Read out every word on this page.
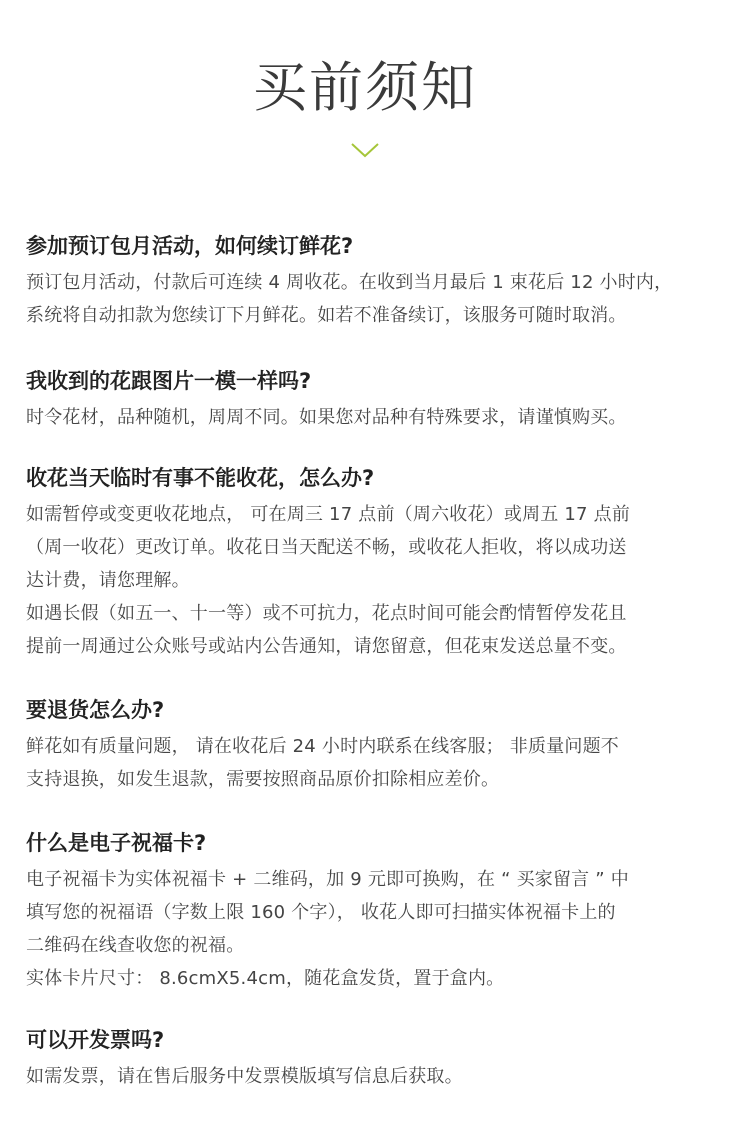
买前须知

参加预订包月活动，如何续订鲜花?

预订包月活动，付款后可连续 4 周收花。在收到当月最后 1 束花后 12 小时内，

系统将自动扣款为您续订下月鲜花。如若不准备续订，该服务可随时取消。

我收到的花跟图片一模一样吗?

时令花材，品种随机，周周不同。如果您对品种有特殊要求，请谨慎购买。

收花当天临时有事不能收花，怎么办?

如需暂停或变更收花地点， 可在周三 17 点前（周六收花）或周五 17 点前

（周一收花）更改订单。收花日当天配送不畅，或收花人拒收，将以成功送

达计费，请您理解。

如遇长假（如五一、十一等）或不可抗力，花点时间可能会酌情暂停发花且

提前一周通过公众账号或站内公告通知，请您留意，但花束发送总量不变。

要退货怎么办?

鲜花如有质量问题， 请在收花后 24 小时内联系在线客服； 非质量问题不

支持退换，如发生退款，需要按照商品原价扣除相应差价。

什么是电子祝福卡?

电子祝福卡为实体祝福卡 + 二维码，加 9 元即可换购，在 “ 买家留言 ” 中

填写您的祝福语（字数上限 160 个字）， 收花人即可扫描实体祝福卡上的

二维码在线查收您的祝福。

实体卡片尺寸： 8.6cmX5.4cm，随花盒发货，置于盒内。

可以开发票吗?

如需发票，请在售后服务中发票模版填写信息后获取。
